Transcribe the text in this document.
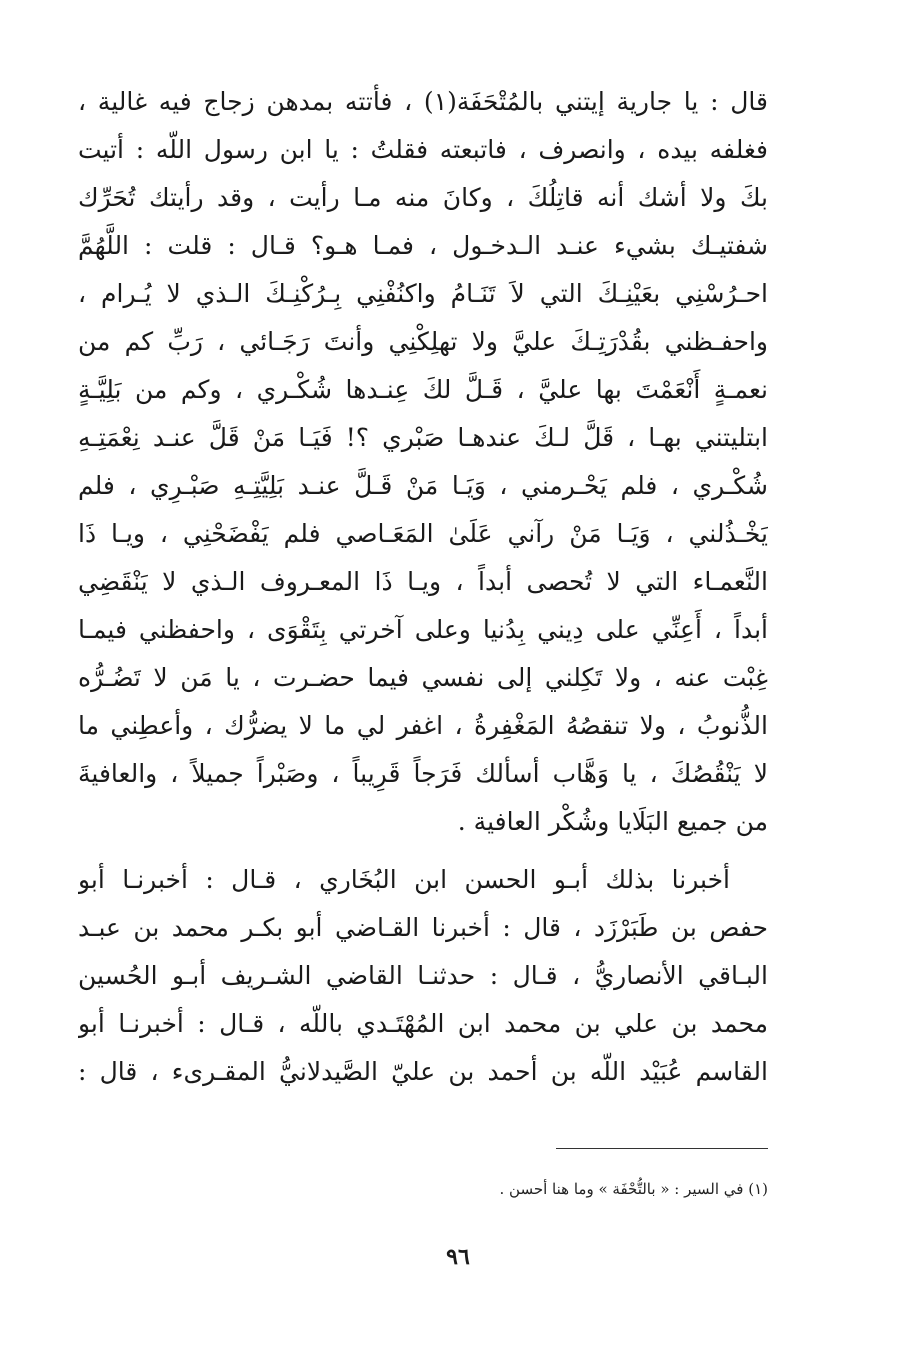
قال : يا جارية إيتني بالمُتْحَفَة(١) ، فأتته بمدهن زجاج فيه غالية ،
فغلفه بيده ، وانصرف ، فاتبعته فقلتُ : يا ابن رسول اللّه : أتيت
بكَ ولا أشك أنه قاتِلُكَ ، وكانَ منه مـا رأيت ، وقد رأيتك تُحَرِّك
شفتيـك بشيء عنـد الـدخـول ، فمـا هـو؟ قـال : قلت : اللَّهُمَّ
احـرُسْنِي بعَيْنِـكَ التي لاَ تَنَـامُ واكنُفْنِي بِـرُكْنِـكَ الـذي لا يُـرام ،
واحفـظني بقُدْرَتِـكَ عليَّ ولا تهلِكْنِي وأنتَ رَجَـائي ، رَبِّ كم من
نعمـةٍ أَنْعَمْتَ بها عليَّ ، قَـلَّ لكَ عِنـدها شُكْـري ، وكم من بَلِيَّـةٍ
ابتليتني بهـا ، قَلَّ لـكَ عندهـا صَبْري ؟! فَيَـا مَنْ قَلَّ عنـد نِعْمَتِـهِ
شُكْـري ، فلم يَحْـرمني ، وَيَـا مَنْ قَـلَّ عنـد بَلِيَّتِـهِ صَبْـرِي ، فلم
يَخْـذُلني ، وَيَـا مَنْ رآني عَلَىٰ المَعَـاصي فلم يَفْضَحْنِي ، ويـا ذَا
النَّعمـاء التي لا تُحصى أبداً ، ويـا ذَا المعـروف الـذي لا يَنْقَضِي
أبداً ، أَعِنِّي على دِيني بِدُنيا وعلى آخرتي بِتَقْوَى ، واحفظني فيمـا
غِبْت عنه ، ولا تَكِلني إلى نفسي فيما حضـرت ، يا مَن لا تَضُـرُّه
الذُّنوبُ ، ولا تنقصُهُ المَغْفِرةُ ، اغفر لي ما لا يضرُّك ، وأعطِني ما
لا يَنْقُصُكَ ، يا وَهَّاب أسألك فَرَجاً قَرِيباً ، وصَبْراً جميلاً ، والعافيةَ
من جميع البَلَايا وشُكْر العافية .
أخبرنا بذلك أبـو الحسن ابن البُخَاري ، قـال : أخبرنـا أبو
حفص بن طَبَرْزَد ، قال : أخبرنا القـاضي أبو بكـر محمد بن عبـد
البـاقي الأنصاريُّ ، قـال : حدثنـا القاضي الشـريف أبـو الحُسين
محمد بن علي بن محمد ابن المُهْتَـدي باللّه ، قـال : أخبرنـا أبو
القاسم عُبَيْد اللّه بن أحمد بن عليّ الصَّيدلانيُّ المقـرىء ، قال :
(١) في السير : « بالتُّحْفَة » وما هنا أحسن .
٩٦
